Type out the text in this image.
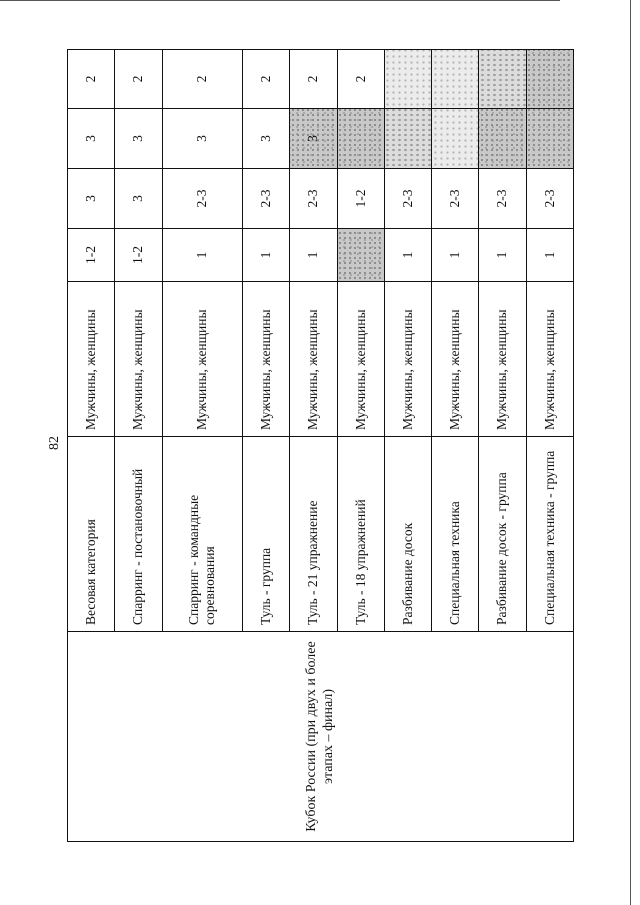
82
Кубок России (при двух и более этапах – финал)	Весовая категория	Мужчины, женщины	1-2	3	3	2
	Спарринг - постановочный	Мужчины, женщины	1-2	3	3	2
	Спарринг - командные соревнования	Мужчины, женщины	1	2-3	3	2
	Туль - группа	Мужчины, женщины	1	2-3	3	2
	Туль - 21 упражнение	Мужчины, женщины	1	2-3	3	2
	Туль - 18 упражнений	Мужчины, женщины		1-2		2
	Разбивание досок	Мужчины, женщины	1	2-3		
	Специальная техника	Мужчины, женщины	1	2-3		
	Разбивание досок - группа	Мужчины, женщины	1	2-3		
	Специальная техника - группа	Мужчины, женщины	1	2-3		
